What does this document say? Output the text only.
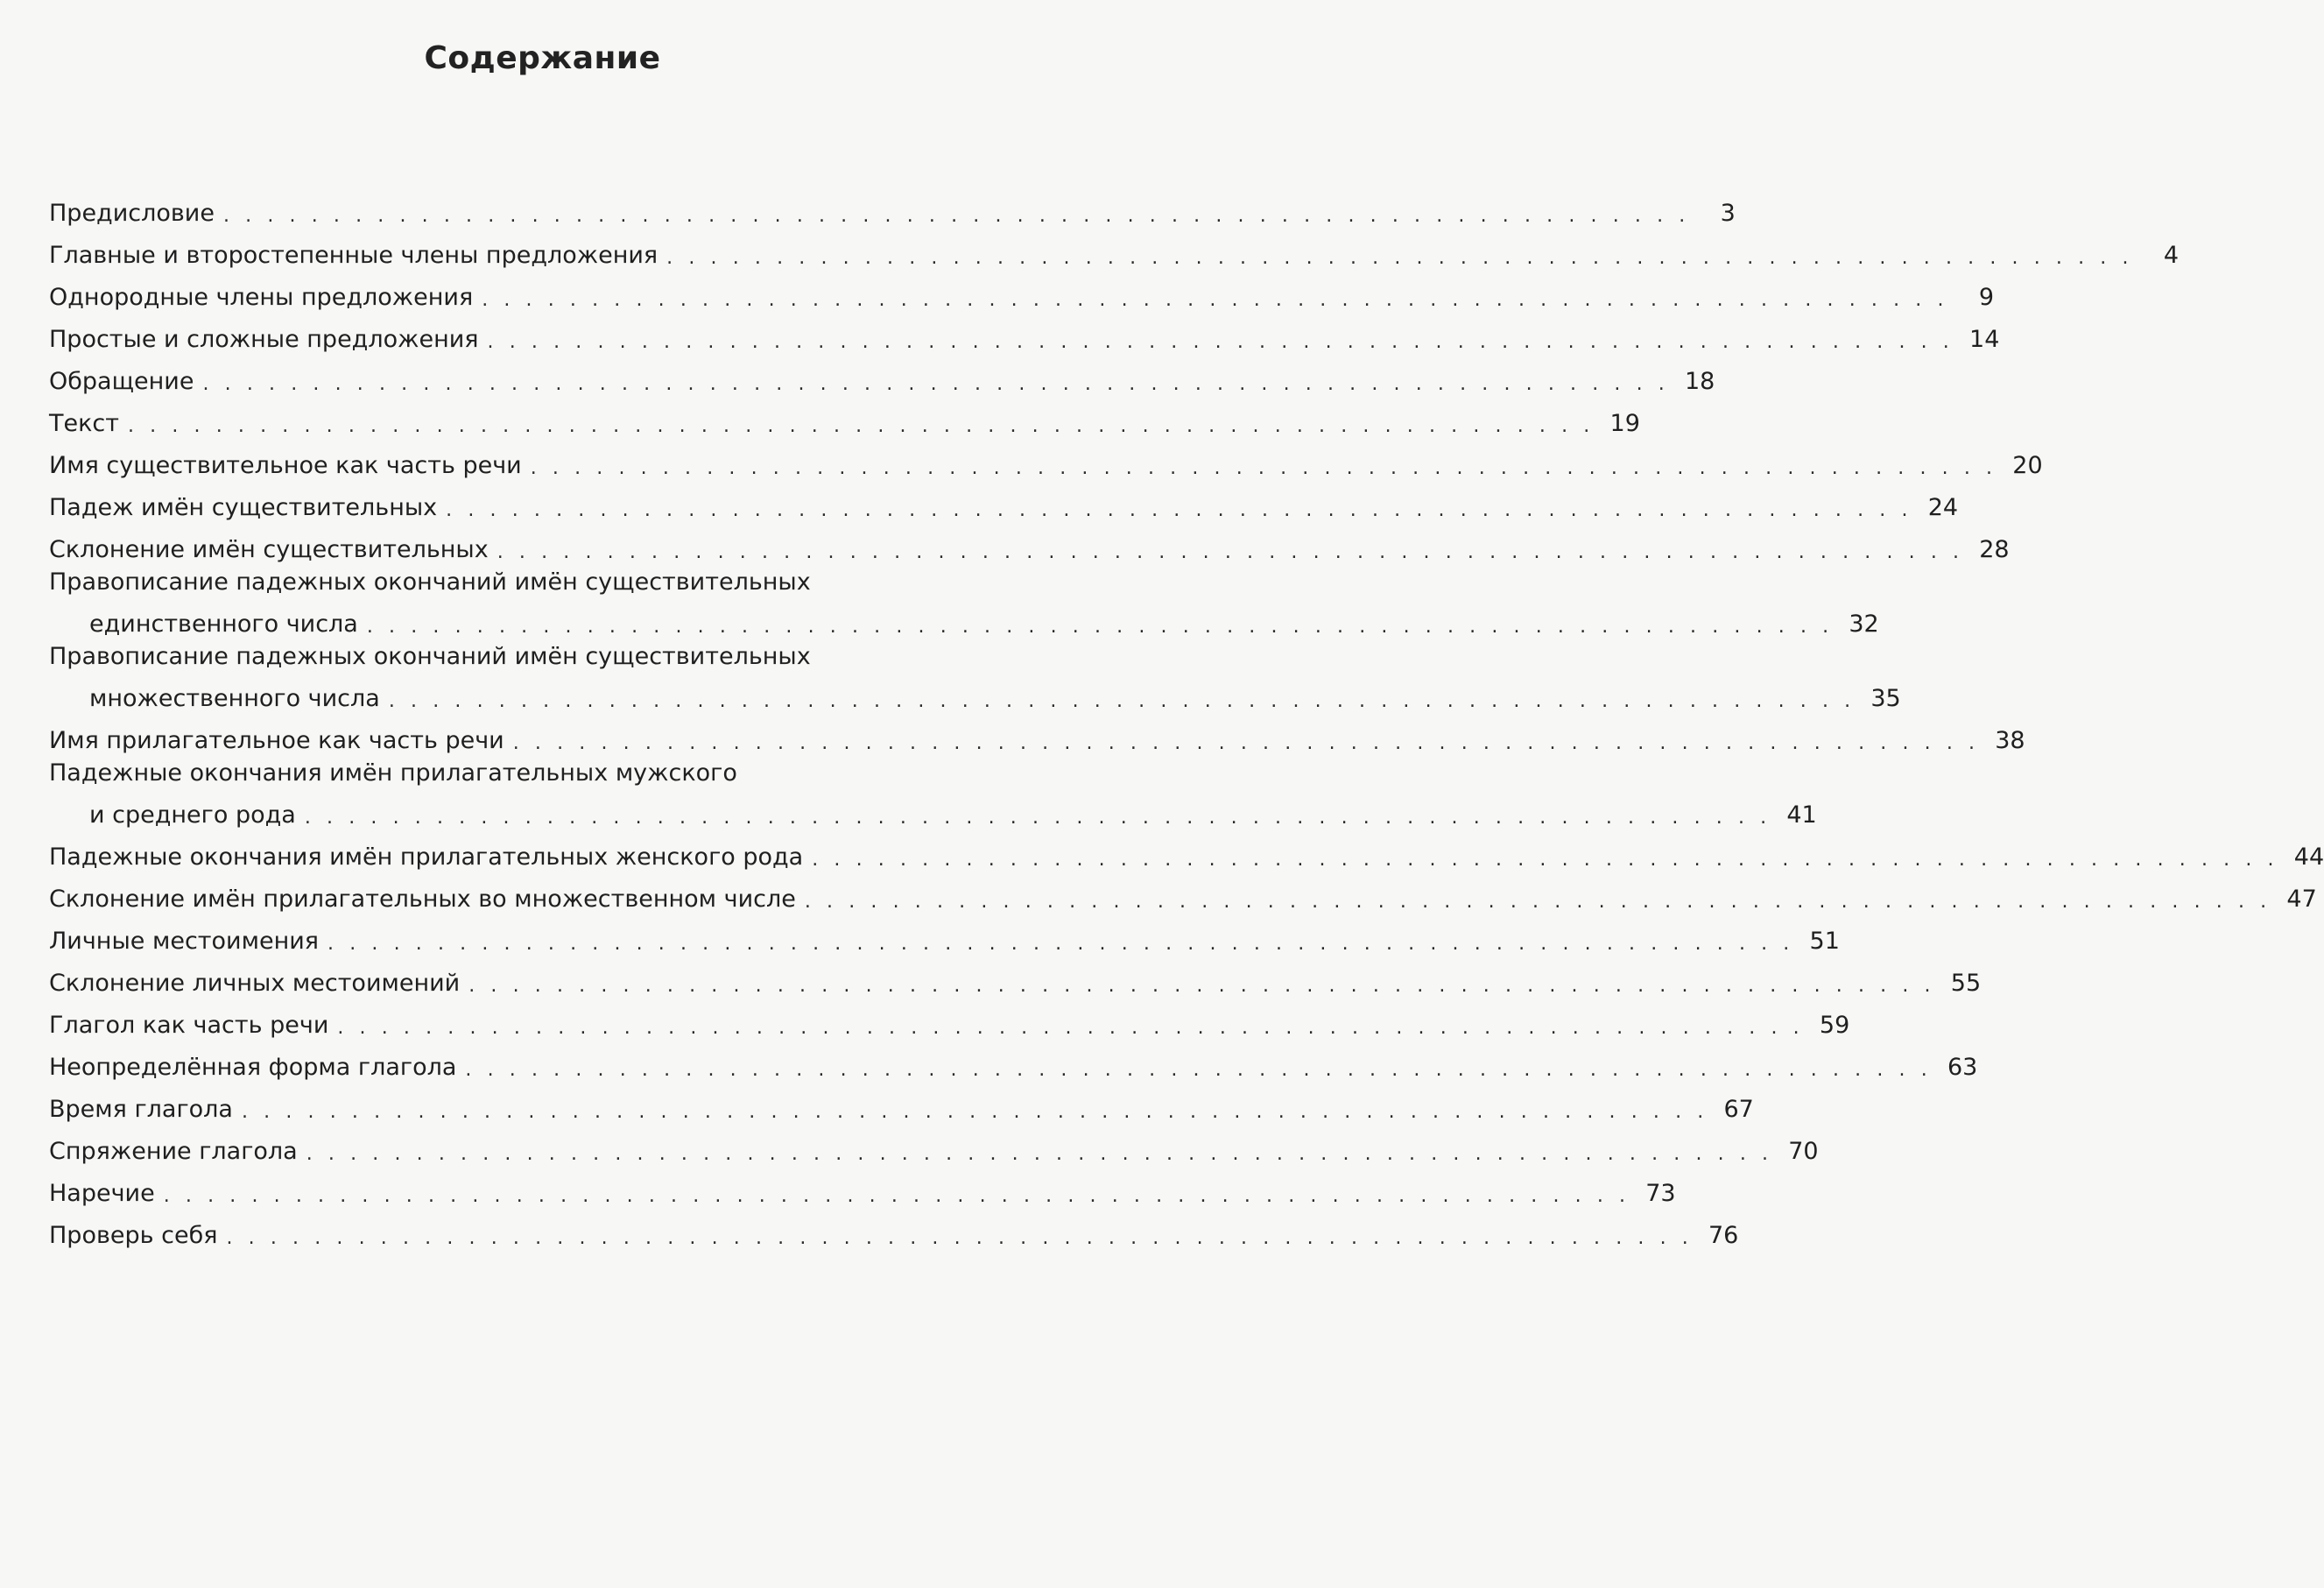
Содержание
Предисловие . . . . . . . . . . . . . . . . . . . . . . . . . . . . . . . . . . . . . . . . . . . . . . . . . . . . . . . . . . . . . . . . . . .	3
Главные и второстепенные члены предложения . . . . . . . . . . . . . . . . . . . . . . . . . . . . . . . . . . . . . . . . . . . . . . . . . . . . . . . . . . . . . . . . . . .	4
Однородные члены предложения . . . . . . . . . . . . . . . . . . . . . . . . . . . . . . . . . . . . . . . . . . . . . . . . . . . . . . . . . . . . . . . . . . .	9
Простые и сложные предложения . . . . . . . . . . . . . . . . . . . . . . . . . . . . . . . . . . . . . . . . . . . . . . . . . . . . . . . . . . . . . . . . . . . 14
Обращение . . . . . . . . . . . . . . . . . . . . . . . . . . . . . . . . . . . . . . . . . . . . . . . . . . . . . . . . . . . . . . . . . . . 18
Текст . . . . . . . . . . . . . . . . . . . . . . . . . . . . . . . . . . . . . . . . . . . . . . . . . . . . . . . . . . . . . . . . . . . 19
Имя существительное как часть речи . . . . . . . . . . . . . . . . . . . . . . . . . . . . . . . . . . . . . . . . . . . . . . . . . . . . . . . . . . . . . . . . . . . 20
Падеж имён существительных . . . . . . . . . . . . . . . . . . . . . . . . . . . . . . . . . . . . . . . . . . . . . . . . . . . . . . . . . . . . . . . . . . . 24
Склонение имён существительных . . . . . . . . . . . . . . . . . . . . . . . . . . . . . . . . . . . . . . . . . . . . . . . . . . . . . . . . . . . . . . . . . . . 28
Правописание падежных окончаний имён существительных
единственного числа . . . . . . . . . . . . . . . . . . . . . . . . . . . . . . . . . . . . . . . . . . . . . . . . . . . . . . . . . . . . . . . . . . . 32
Правописание падежных окончаний имён существительных
множественного числа . . . . . . . . . . . . . . . . . . . . . . . . . . . . . . . . . . . . . . . . . . . . . . . . . . . . . . . . . . . . . . . . . . . 35
Имя прилагательное как часть речи . . . . . . . . . . . . . . . . . . . . . . . . . . . . . . . . . . . . . . . . . . . . . . . . . . . . . . . . . . . . . . . . . . . 38
Падежные окончания имён прилагательных мужского
и среднего рода . . . . . . . . . . . . . . . . . . . . . . . . . . . . . . . . . . . . . . . . . . . . . . . . . . . . . . . . . . . . . . . . . . . 41
Падежные окончания имён прилагательных женского рода . . . . . . . . . . . . . . . . . . . . . . . . . . . . . . . . . . . . . . . . . . . . . . . . . . . . . . . . . . . . . . . . . . . 44
Склонение имён прилагательных во множественном числе . . . . . . . . . . . . . . . . . . . . . . . . . . . . . . . . . . . . . . . . . . . . . . . . . . . . . . . . . . . . . . . . . . . 47
Личные местоимения . . . . . . . . . . . . . . . . . . . . . . . . . . . . . . . . . . . . . . . . . . . . . . . . . . . . . . . . . . . . . . . . . . . 51
Склонение личных местоимений . . . . . . . . . . . . . . . . . . . . . . . . . . . . . . . . . . . . . . . . . . . . . . . . . . . . . . . . . . . . . . . . . . . 55
Глагол как часть речи . . . . . . . . . . . . . . . . . . . . . . . . . . . . . . . . . . . . . . . . . . . . . . . . . . . . . . . . . . . . . . . . . . . 59
Неопределённая форма глагола . . . . . . . . . . . . . . . . . . . . . . . . . . . . . . . . . . . . . . . . . . . . . . . . . . . . . . . . . . . . . . . . . . . 63
Время глагола . . . . . . . . . . . . . . . . . . . . . . . . . . . . . . . . . . . . . . . . . . . . . . . . . . . . . . . . . . . . . . . . . . . 67
Спряжение глагола . . . . . . . . . . . . . . . . . . . . . . . . . . . . . . . . . . . . . . . . . . . . . . . . . . . . . . . . . . . . . . . . . . . 70
Наречие . . . . . . . . . . . . . . . . . . . . . . . . . . . . . . . . . . . . . . . . . . . . . . . . . . . . . . . . . . . . . . . . . . . 73
Проверь себя . . . . . . . . . . . . . . . . . . . . . . . . . . . . . . . . . . . . . . . . . . . . . . . . . . . . . . . . . . . . . . . . . . . 76
